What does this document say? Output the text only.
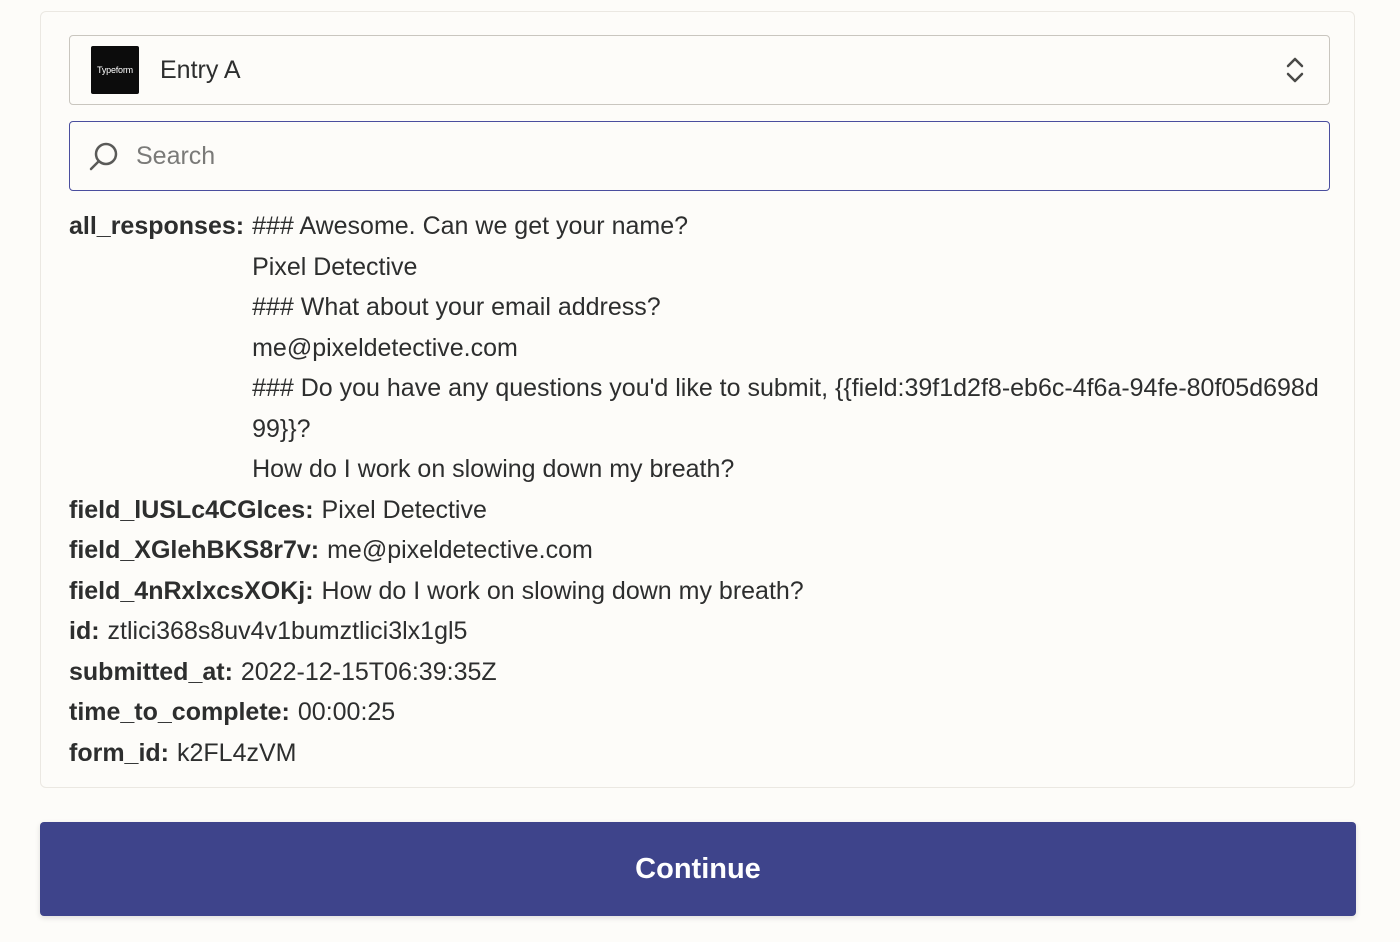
Typeform Entry A
Search
all_responses: ### Awesome. Can we get your name?
Pixel Detective
### What about your email address?
me@pixeldetective.com
### Do you have any questions you'd like to submit, {{field:39f1d2f8-eb6c-4f6a-94fe-80f05d698d99}}?
How do I work on slowing down my breath?
field_lUSLc4CGlces: Pixel Detective
field_XGlehBKS8r7v: me@pixeldetective.com
field_4nRxlxcsXOKj: How do I work on slowing down my breath?
id: ztlici368s8uv4v1bumztlici3lx1gl5
submitted_at: 2022-12-15T06:39:35Z
time_to_complete: 00:00:25
form_id: k2FL4zVM
Continue
